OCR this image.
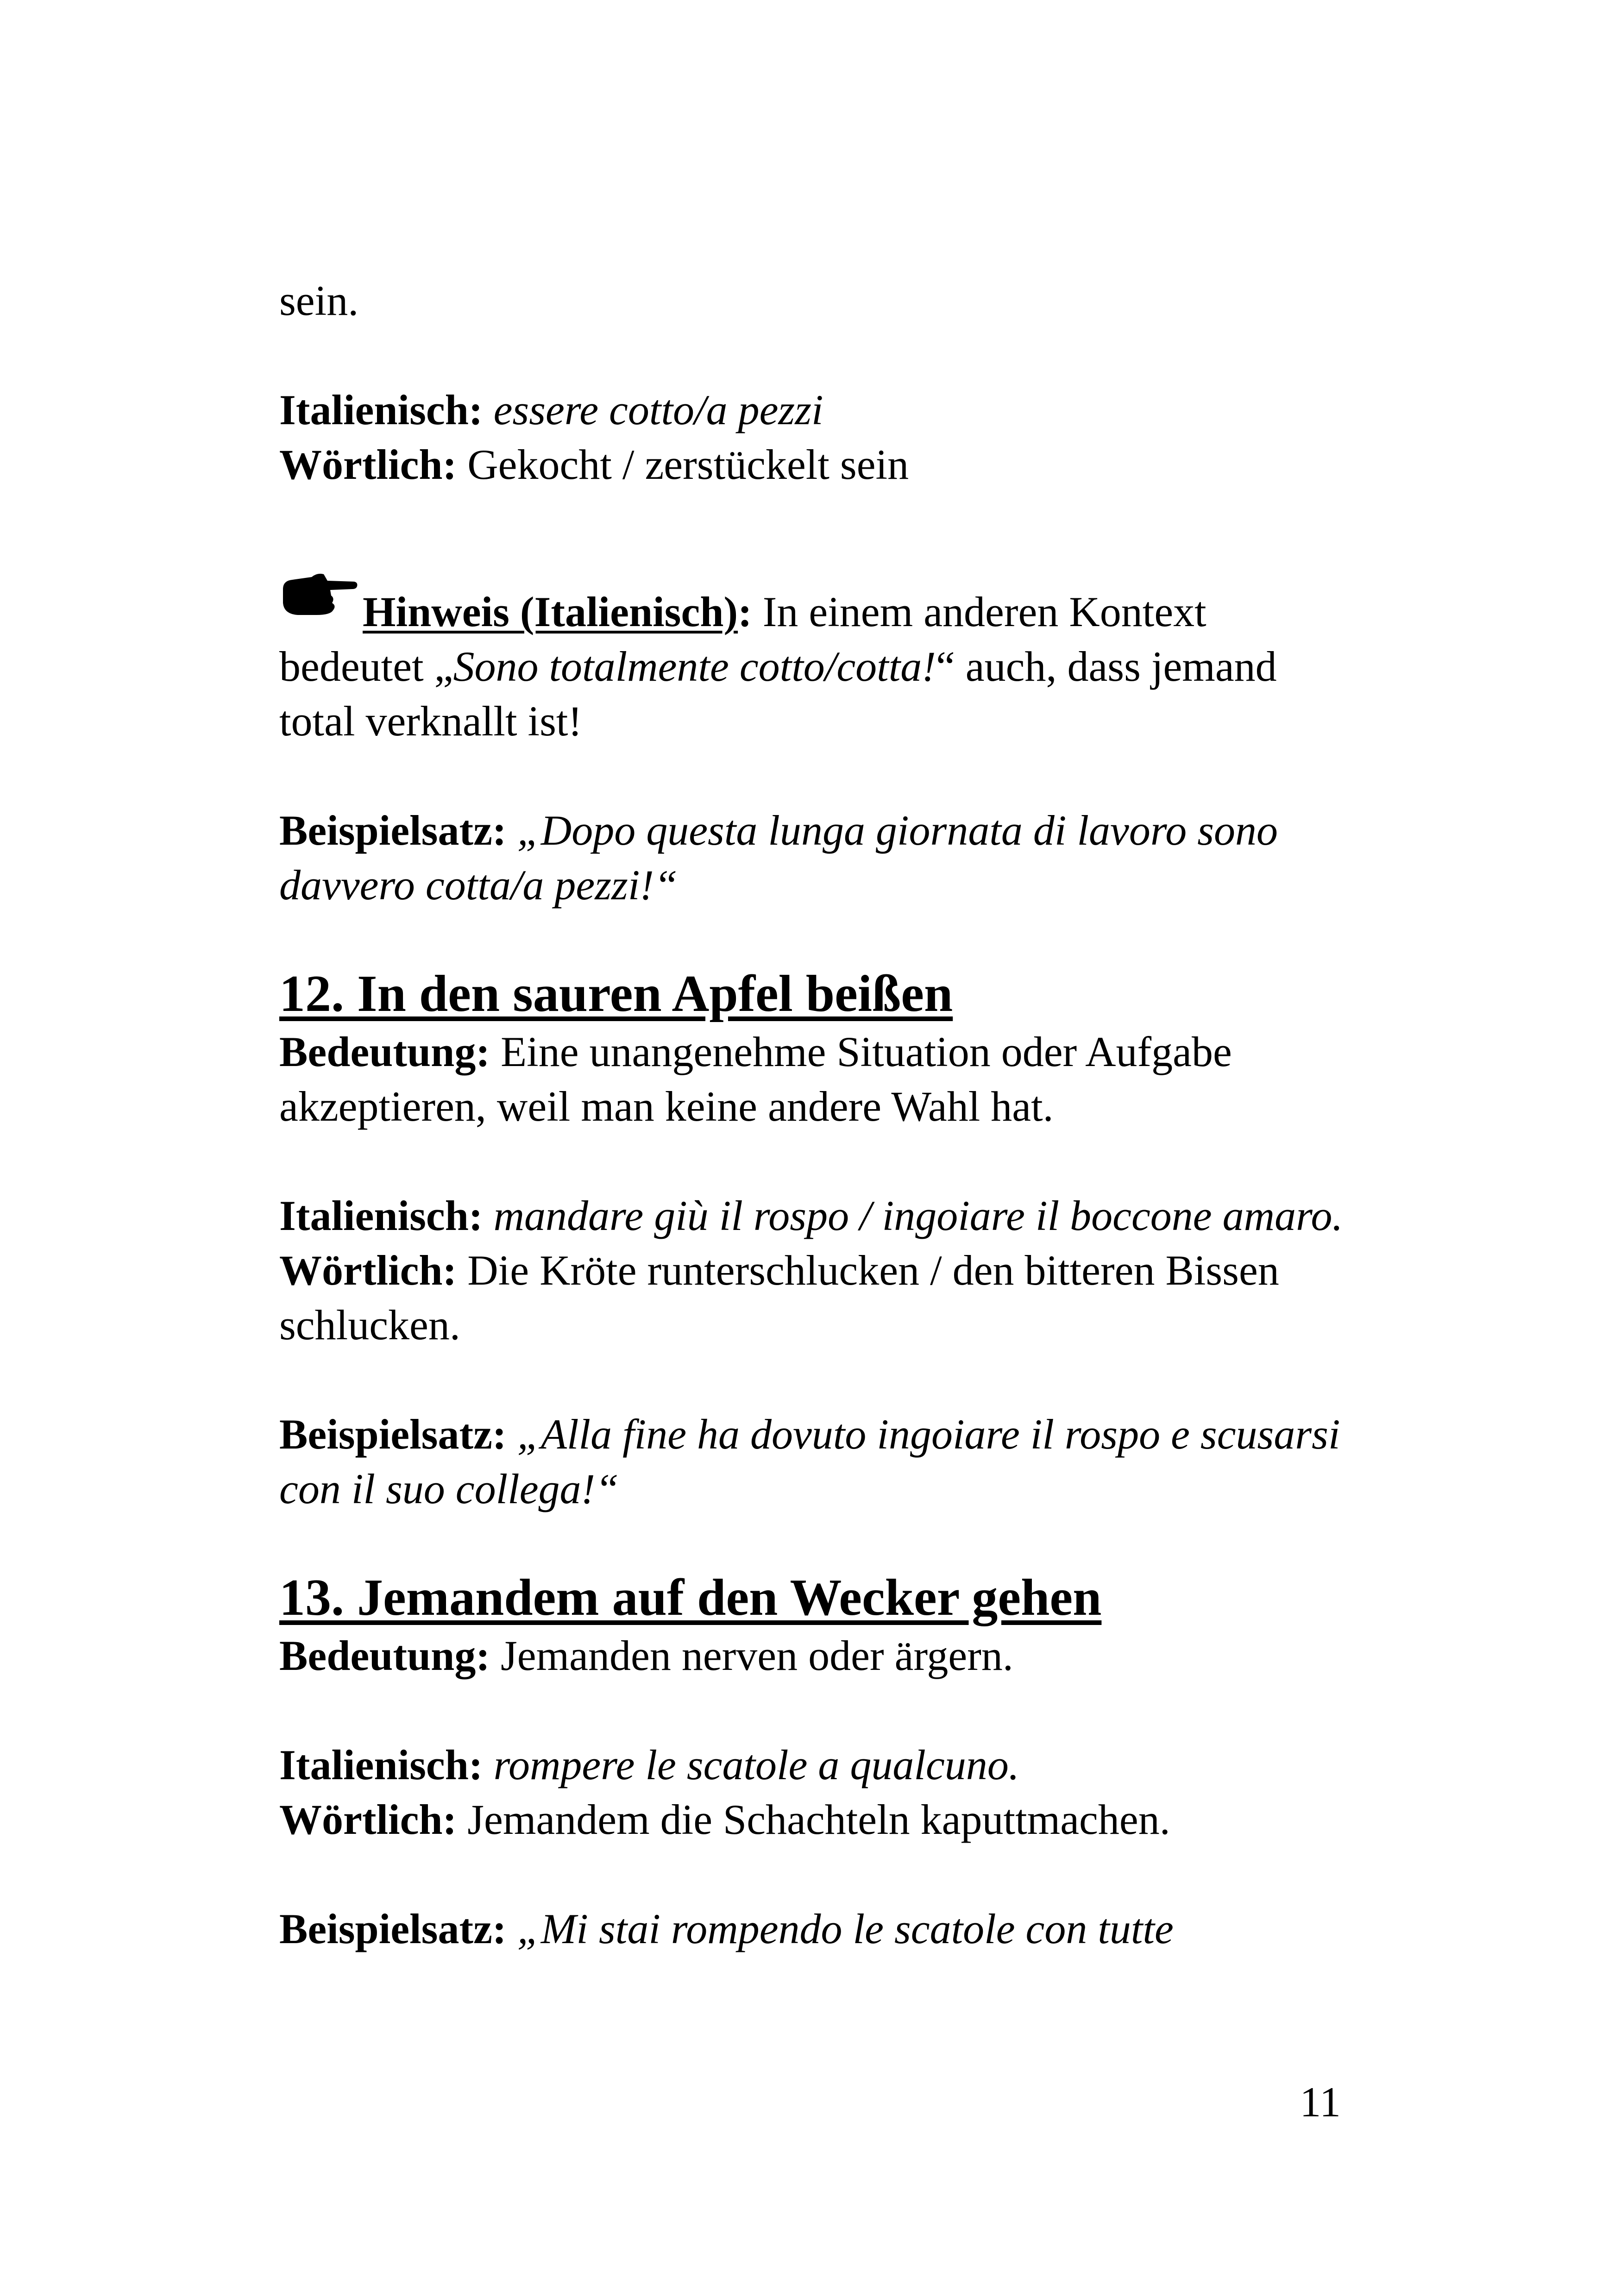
sein.

Italienisch: essere cotto/a pezzi

Wörtlich: Gekocht / zerstückelt sein

Hinweis (Italienisch): In einem anderen Kontext bedeutet „Sono totalmente cotto/cotta!“ auch, dass jemand total verknallt ist!

Beispielsatz: „Dopo questa lunga giornata di lavoro sono davvero cotta/a pezzi!“

12. In den sauren Apfel beißen

Bedeutung: Eine unangenehme Situation oder Aufgabe akzeptieren, weil man keine andere Wahl hat.

Italienisch: mandare giù il rospo / ingoiare il boccone amaro.

Wörtlich: Die Kröte runterschlucken / den bitteren Bissen schlucken.

Beispielsatz: „Alla fine ha dovuto ingoiare il rospo e scusarsi con il suo collega!“

13. Jemandem auf den Wecker gehen

Bedeutung: Jemanden nerven oder ärgern.

Italienisch: rompere le scatole a qualcuno.

Wörtlich: Jemandem die Schachteln kaputtmachen.

Beispielsatz: „Mi stai rompendo le scatole con tutte

11
